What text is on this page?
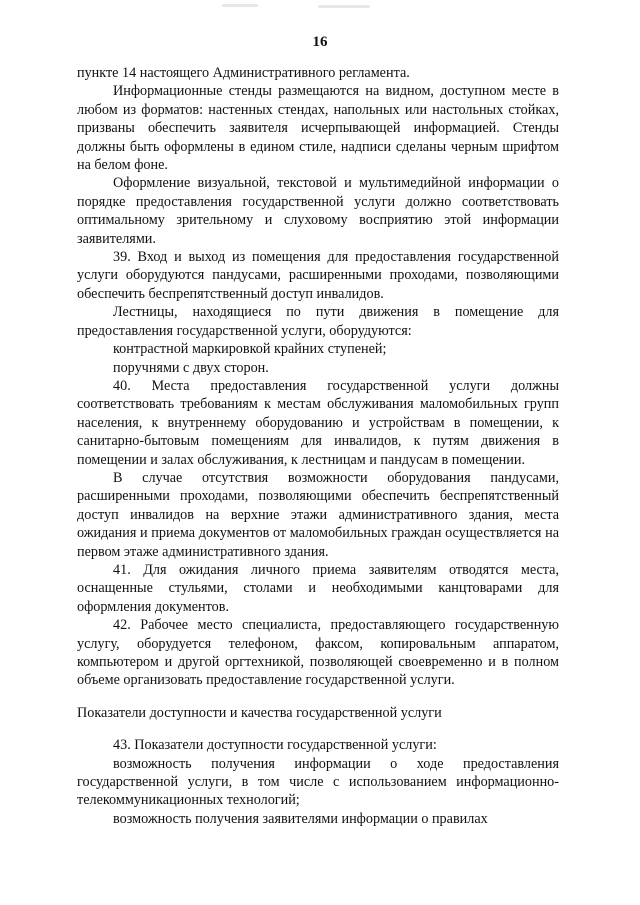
16

пункте 14 настоящего Административного регламента.

Информационные стенды размещаются на видном, доступном месте в любом из форматов: настенных стендах, напольных или настольных стойках, призваны обеспечить заявителя исчерпывающей информацией. Стенды должны быть оформлены в едином стиле, надписи сделаны черным шрифтом на белом фоне.

Оформление визуальной, текстовой и мультимедийной информации о порядке предоставления государственной услуги должно соответствовать оптимальному зрительному и слуховому восприятию этой информации заявителями.

39. Вход и выход из помещения для предоставления государственной услуги оборудуются пандусами, расширенными проходами, позволяющими обеспечить беспрепятственный доступ инвалидов.

Лестницы, находящиеся по пути движения в помещение для предоставления государственной услуги, оборудуются:

контрастной маркировкой крайних ступеней;

поручнями с двух сторон.

40. Места предоставления государственной услуги должны соответствовать требованиям к местам обслуживания маломобильных групп населения, к внутреннему оборудованию и устройствам в помещении, к санитарно-бытовым помещениям для инвалидов, к путям движения в помещении и залах обслуживания, к лестницам и пандусам в помещении.

В случае отсутствия возможности оборудования пандусами, расширенными проходами, позволяющими обеспечить беспрепятственный доступ инвалидов на верхние этажи административного здания, места ожидания и приема документов от маломобильных граждан осуществляется на первом этаже административного здания.

41. Для ожидания личного приема заявителям отводятся места, оснащенные стульями, столами и необходимыми канцтоварами для оформления документов.

42. Рабочее место специалиста, предоставляющего государственную услугу, оборудуется телефоном, факсом, копировальным аппаратом, компьютером и другой оргтехникой, позволяющей своевременно и в полном объеме организовать предоставление государственной услуги.

Показатели доступности и качества государственной услуги

43. Показатели доступности государственной услуги:

возможность получения информации о ходе предоставления государственной услуги, в том числе с использованием информационно-телекоммуникационных технологий;

возможность получения заявителями информации о правилах
